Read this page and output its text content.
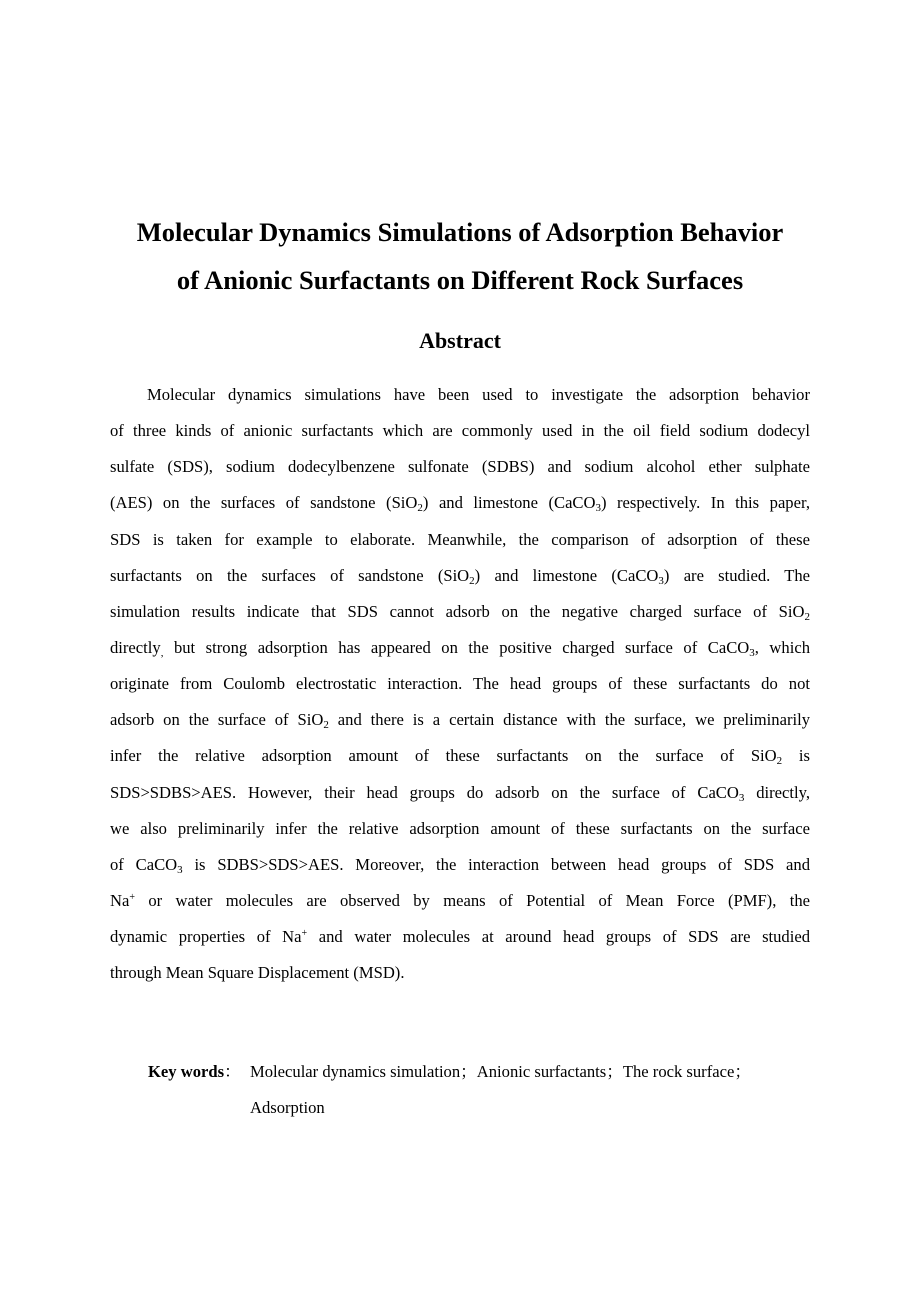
Molecular Dynamics Simulations of Adsorption Behavior
of Anionic Surfactants on Different Rock Surfaces
Abstract
Molecular dynamics simulations have been used to investigate the adsorption behavior
of three kinds of anionic surfactants which are commonly used in the oil field sodium dodecyl
sulfate (SDS), sodium dodecylbenzene sulfonate (SDBS) and sodium alcohol ether sulphate
(AES) on the surfaces of sandstone (SiO$_2$) and limestone (CaCO$_3$) respectively. In this paper,
SDS is taken for example to elaborate. Meanwhile, the comparison of adsorption of these
surfactants on the surfaces of sandstone (SiO$_2$) and limestone (CaCO$_3$) are studied. The
simulation results indicate that SDS cannot adsorb on the negative charged surface of SiO$_2$
directly$_,$ but strong adsorption has appeared on the positive charged surface of CaCO$_3$, which
originate from Coulomb electrostatic interaction. The head groups of these surfactants do not
adsorb on the surface of SiO$_2$ and there is a certain distance with the surface, we preliminarily
infer the relative adsorption amount of these surfactants on the surface of SiO$_2$ is
SDS>SDBS>AES. However, their head groups do adsorb on the surface of CaCO$_3$ directly,
we also preliminarily infer the relative adsorption amount of these surfactants on the surface
of CaCO$_3$ is SDBS>SDS>AES. Moreover, the interaction between head groups of SDS and
Na+ or water molecules are observed by means of Potential of Mean Force (PMF), the
dynamic properties of Na+ and water molecules at around head groups of SDS are studied
through Mean Square Displacement (MSD).
Key words： Molecular dynamics simulation；Anionic surfactants；The rock surface；
Adsorption
